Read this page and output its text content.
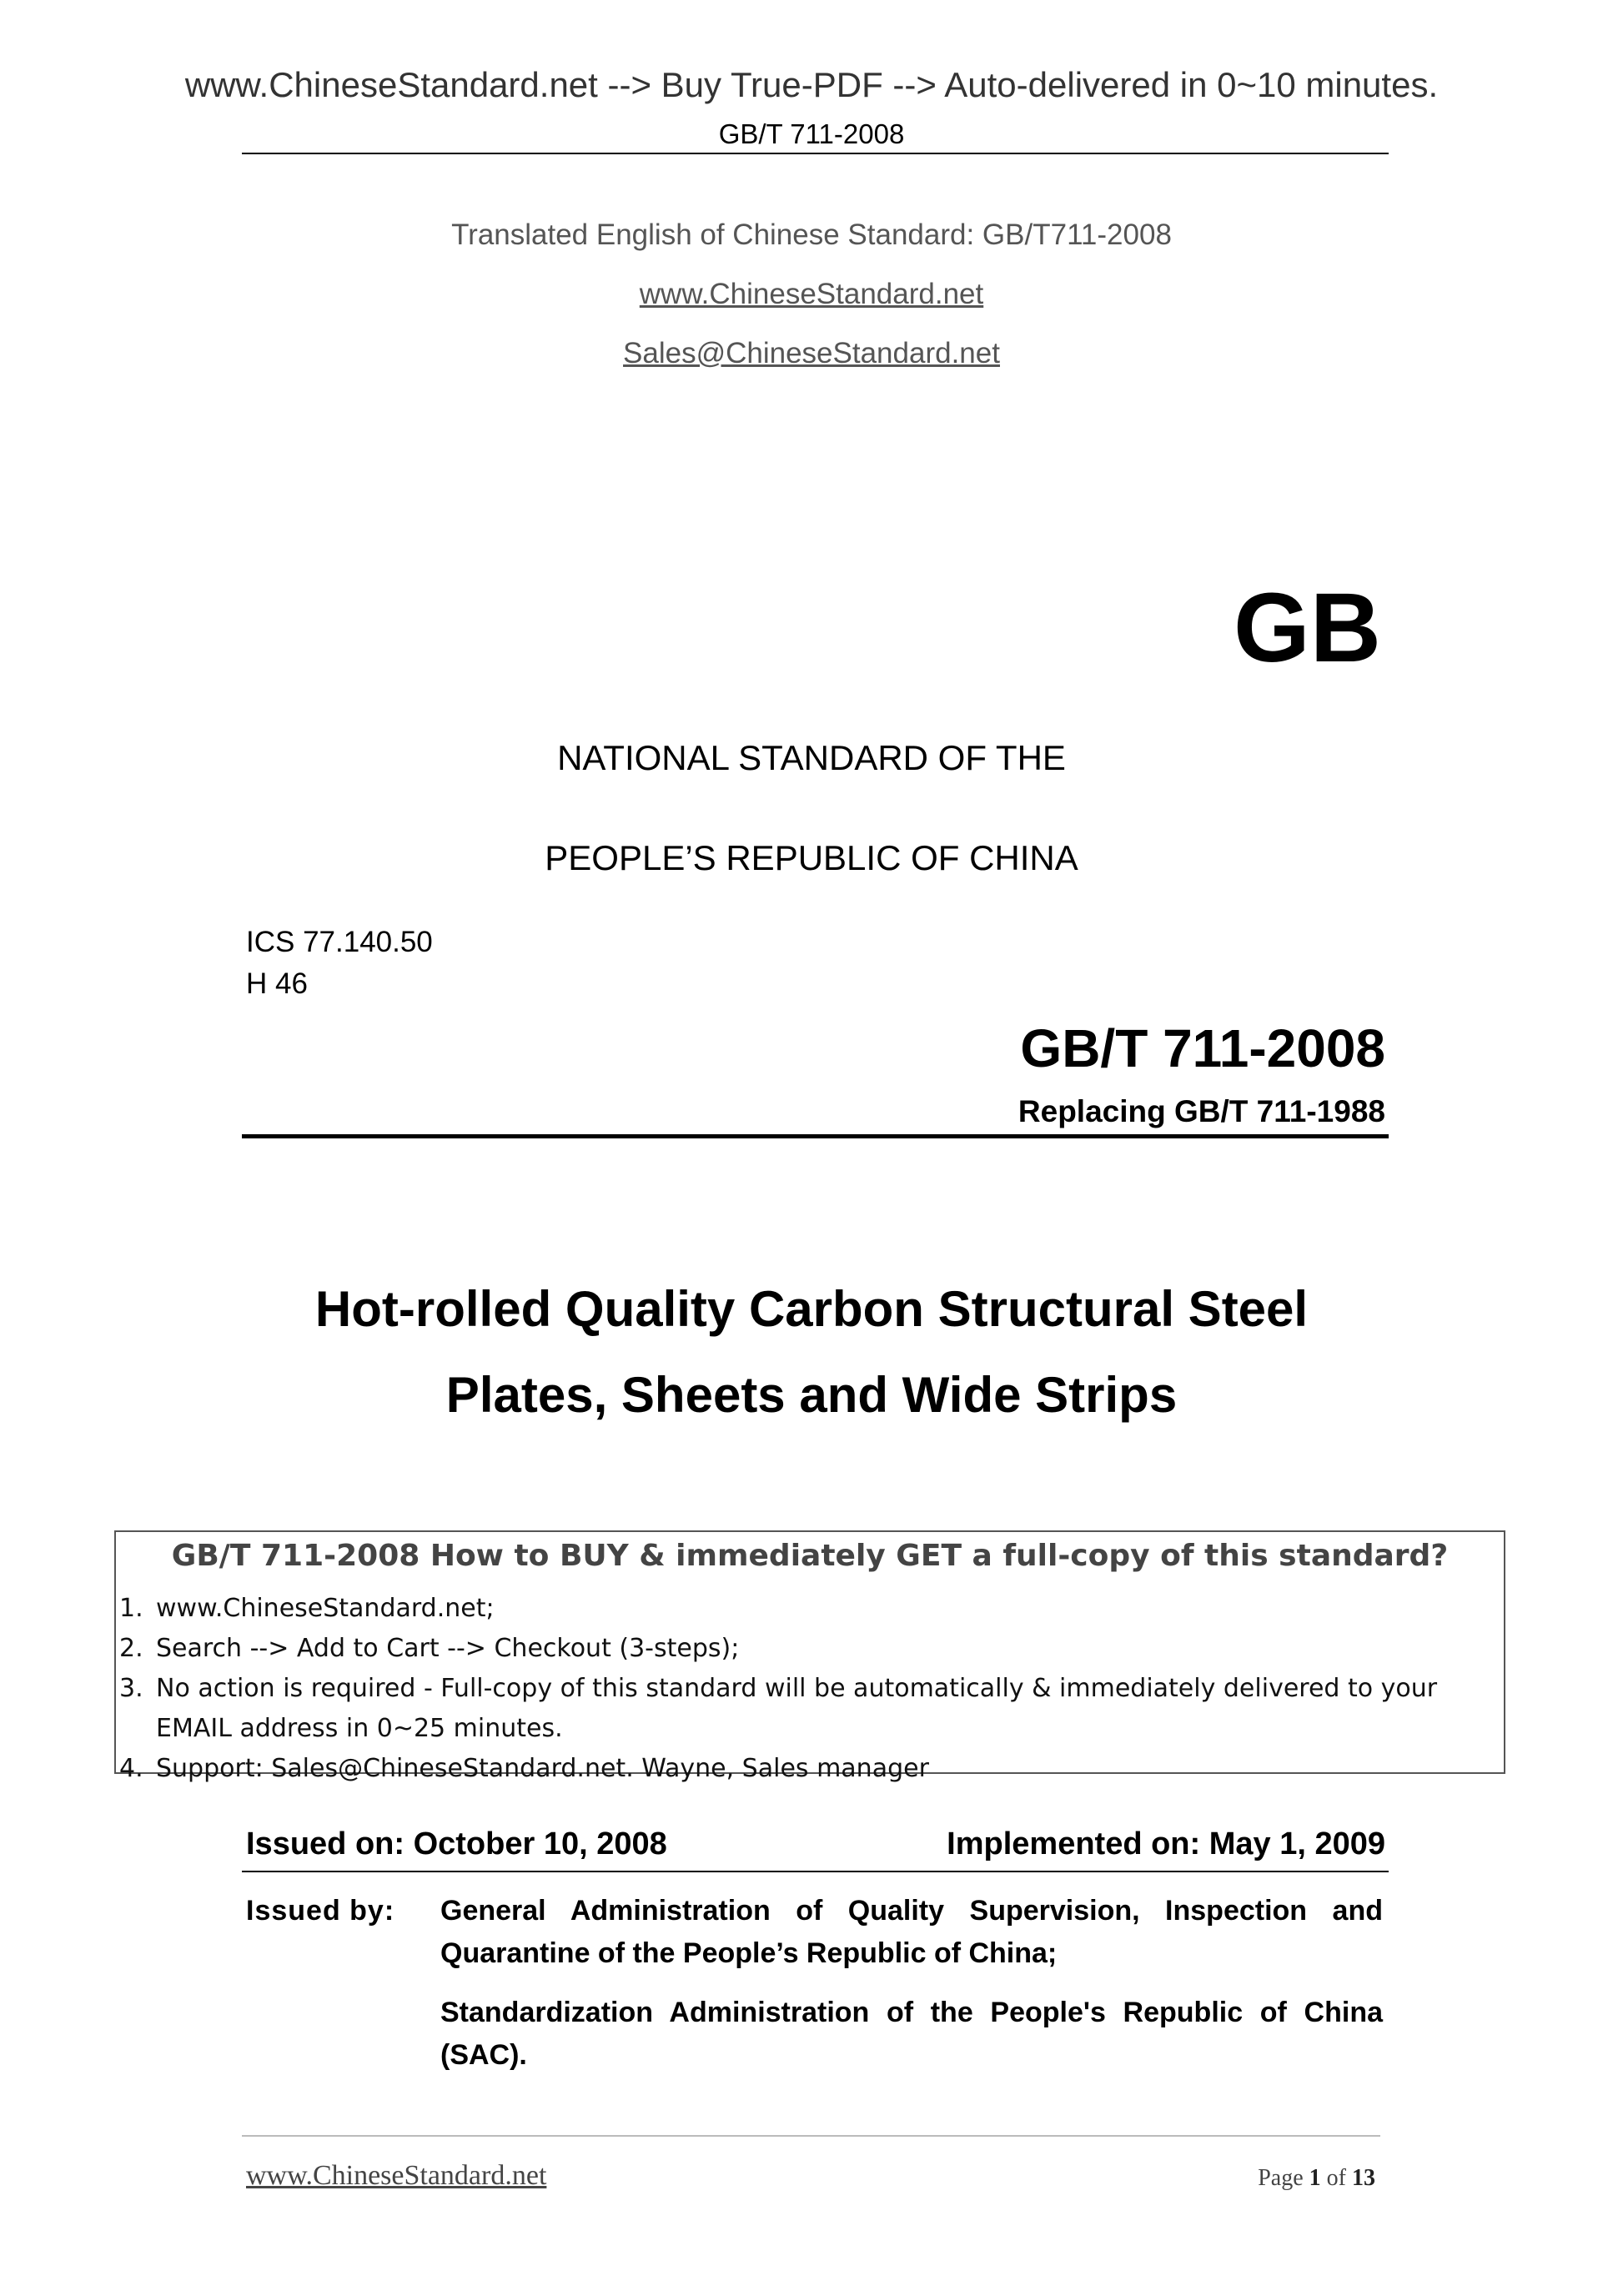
www.ChineseStandard.net --> Buy True-PDF --> Auto-delivered in 0~10 minutes.
GB/T 711-2008
Translated English of Chinese Standard: GB/T711-2008
www.ChineseStandard.net
Sales@ChineseStandard.net
GB
NATIONAL STANDARD OF THE
PEOPLE’S REPUBLIC OF CHINA
ICS 77.140.50
H 46
GB/T 711-2008
Replacing GB/T 711-1988
Hot-rolled Quality Carbon Structural Steel
Plates, Sheets and Wide Strips
GB/T 711-2008 How to BUY & immediately GET a full-copy of this standard?
1. www.ChineseStandard.net;
2. Search --> Add to Cart --> Checkout (3-steps);
3. No action is required - Full-copy of this standard will be automatically & immediately delivered to your EMAIL address in 0~25 minutes.
4. Support: Sales@ChineseStandard.net. Wayne, Sales manager
Issued on: October 10, 2008	Implemented on: May 1, 2009
Issued by: General Administration of Quality Supervision, Inspection and Quarantine of the People’s Republic of China;
Standardization Administration of the People's Republic of China (SAC).
www.ChineseStandard.net	Page 1 of 13
